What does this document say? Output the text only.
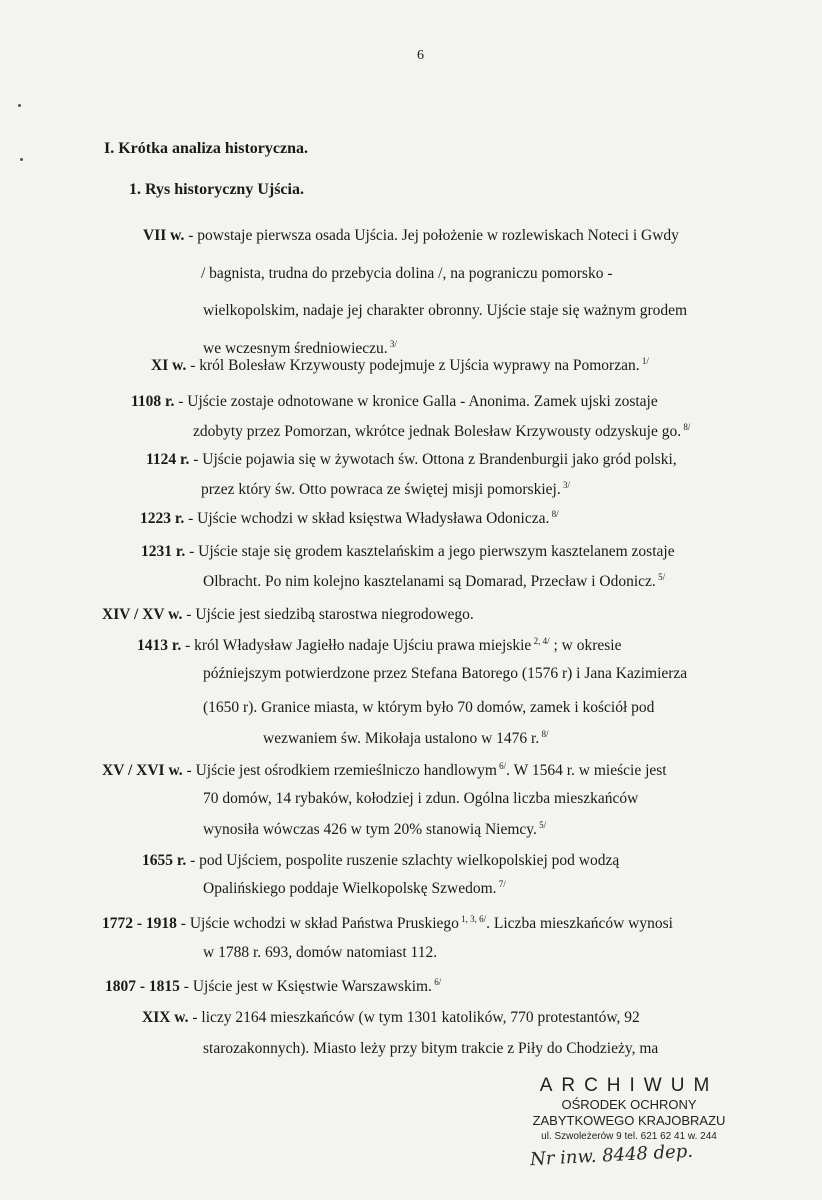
6
I. Krótka analiza historyczna.
1. Rys historyczny Ujścia.
VII w. - powstaje pierwsza osada Ujścia. Jej położenie w rozlewiskach Noteci i Gwdy
/ bagnista, trudna do przebycia dolina /, na pograniczu pomorsko -
wielkopolskim, nadaje jej charakter obronny. Ujście staje się ważnym grodem
we wczesnym średniowieczu. $^{3/}$
XI w. - król Bolesław Krzywousty podejmuje z Ujścia wyprawy na Pomorzan. $^{1/}$
1108 r. - Ujście zostaje odnotowane w kronice Galla - Anonima. Zamek ujski zostaje
zdobyty przez Pomorzan, wkrótce jednak Bolesław Krzywousty odzyskuje go. $^{8/}$
1124 r. - Ujście pojawia się w żywotach św. Ottona z Brandenburgii jako gród polski,
przez który św. Otto powraca ze świętej misji pomorskiej. $^{3/}$
1223 r. - Ujście wchodzi w skład księstwa Władysława Odonicza. $^{8/}$
1231 r. - Ujście staje się grodem kasztelańskim a jego pierwszym kasztelanem zostaje
Olbracht. Po nim kolejno kasztelanami są Domarad, Przecław i Odonicz. $^{5/}$
XIV / XV w. - Ujście jest siedzibą starostwa niegrodowego.
1413 r. - król Władysław Jagiełło nadaje Ujściu prawa miejskie $^{2, 4/}$ ; w okresie
późniejszym potwierdzone przez Stefana Batorego (1576 r) i Jana Kazimierza
(1650 r). Granice miasta, w którym było 70 domów, zamek i kościół pod
wezwaniem św. Mikołaja ustalono w 1476 r. $^{8/}$
XV / XVI w. - Ujście jest ośrodkiem rzemieślniczo handlowym $^{6/}$. W 1564 r. w mieście jest
70 domów, 14 rybaków, kołodziej i zdun. Ogólna liczba mieszkańców
wynosiła wówczas 426 w tym 20% stanowią Niemcy. $^{5/}$
1655 r. - pod Ujściem, pospolite ruszenie szlachty wielkopolskiej pod wodzą
Opalińskiego poddaje Wielkopolskę Szwedom. $^{7/}$
1772 - 1918 - Ujście wchodzi w skład Państwa Pruskiego $^{1, 3, 6/}$. Liczba mieszkańców wynosi
w 1788 r. 693, domów natomiast 112.
1807 - 1815 - Ujście jest w Księstwie Warszawskim. $^{6/}$
XIX w. - liczy 2164 mieszkańców (w tym 1301 katolików, 770 protestantów, 92
starozakonnych). Miasto leży przy bitym trakcie z Piły do Chodzieży, ma
ARCHIWUM
OŚRODEK OCHRONY
ZABYTKOWEGO KRAJOBRAZU
ul. Szwoleżerów 9 tel. 621 62 41 w. 244
Nr inw. 8448 dep.
